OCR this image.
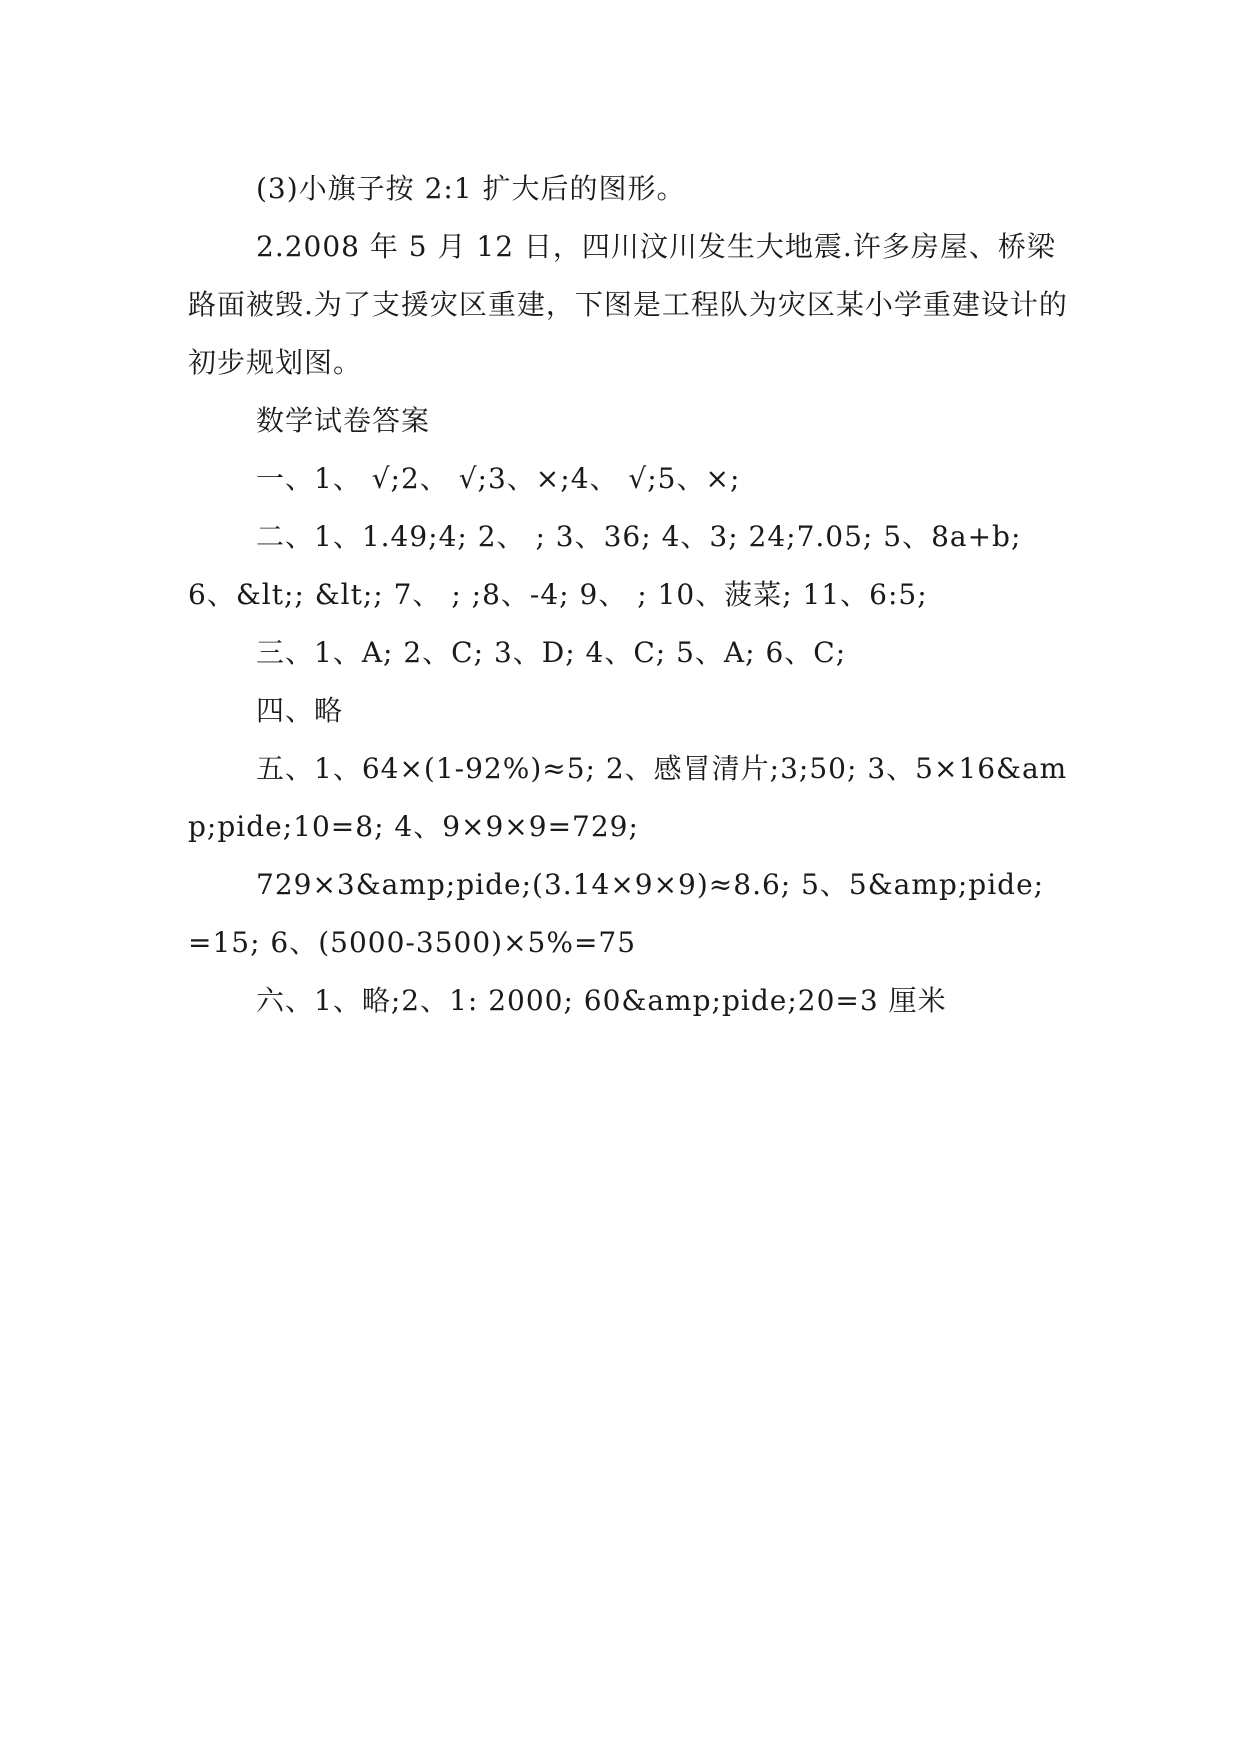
(3)小旗子按 2:1 扩大后的图形。

2.2008 年 5 月 12 日，四川汶川发生大地震.许多房屋、桥梁路面被毁.为了支援灾区重建，下图是工程队为灾区某小学重建设计的初步规划图。

数学试卷答案

一、1、 √;2、 √;3、×;4、 √;5、×;

二、1、1.49;4; 2、 ; 3、36; 4、3; 24;7.05; 5、8a+b; 6、&lt;; &lt;; 7、 ; ;8、-4; 9、 ; 10、菠菜; 11、6:5;

三、1、A; 2、C; 3、D; 4、C; 5、A; 6、C;

四、略

五、1、64×(1-92%)≈5; 2、感冒清片;3;50; 3、5×16&amp;pide;10=8; 4、9×9×9=729;

729×3&amp;pide;(3.14×9×9)≈8.6; 5、5&amp;pide;=15; 6、(5000-3500)×5%=75

六、1、略;2、1: 2000; 60&amp;pide;20=3 厘米
